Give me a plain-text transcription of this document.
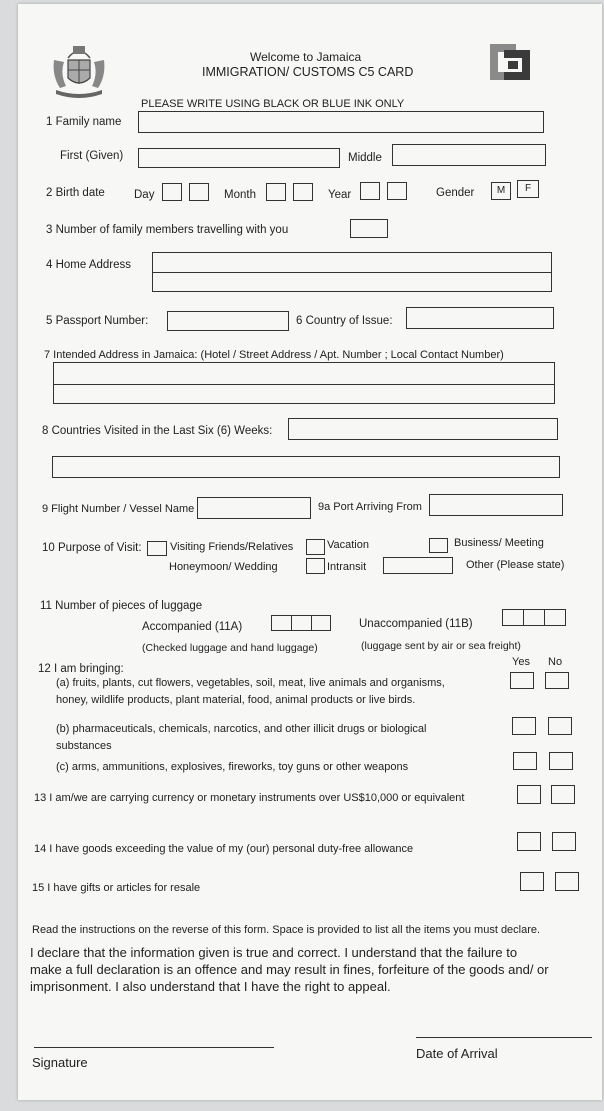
Welcome to Jamaica
IMMIGRATION/ CUSTOMS C5 CARD
PLEASE WRITE USING BLACK OR BLUE INK ONLY
1 Family name
First (Given)	Middle
2 Birth date	Day	Month	Year	Gender	M	F
3 Number of family members travelling with you
4 Home Address
5 Passport Number:	6 Country of Issue:
7 Intended Address in Jamaica: (Hotel / Street Address / Apt. Number ; Local Contact Number)
8 Countries Visited in the Last Six (6) Weeks:
9 Flight Number / Vessel Name	9a Port Arriving From
10 Purpose of Visit:	Visiting Friends/Relatives	Vacation	Business/ Meeting
Honeymoon/ Wedding	Intransit	Other (Please state)
11 Number of pieces of luggage
Accompanied (11A)	Unaccompanied (11B)
(Checked luggage and hand luggage)	(luggage sent by air or sea freight)
Yes No
12 I am bringing:
(a) fruits, plants, cut flowers, vegetables, soil, meat, live animals and organisms,
honey, wildlife products, plant material, food, animal products or live birds.
(b) pharmaceuticals, chemicals, narcotics, and other illicit drugs or biological
substances
(c) arms, ammunitions, explosives, fireworks, toy guns or other weapons
13 I am/we are carrying currency or monetary instruments over US$10,000 or equivalent
14 I have goods exceeding the value of my (our) personal duty-free allowance
15 I have gifts or articles for resale
Read the instructions on the reverse of this form. Space is provided to list all the items you must declare.
I declare that the information given is true and correct. I understand that the failure to
make a full declaration is an offence and may result in fines, forfeiture of the goods and/ or
imprisonment. I also understand that I have the right to appeal.
Signature
Date of Arrival
